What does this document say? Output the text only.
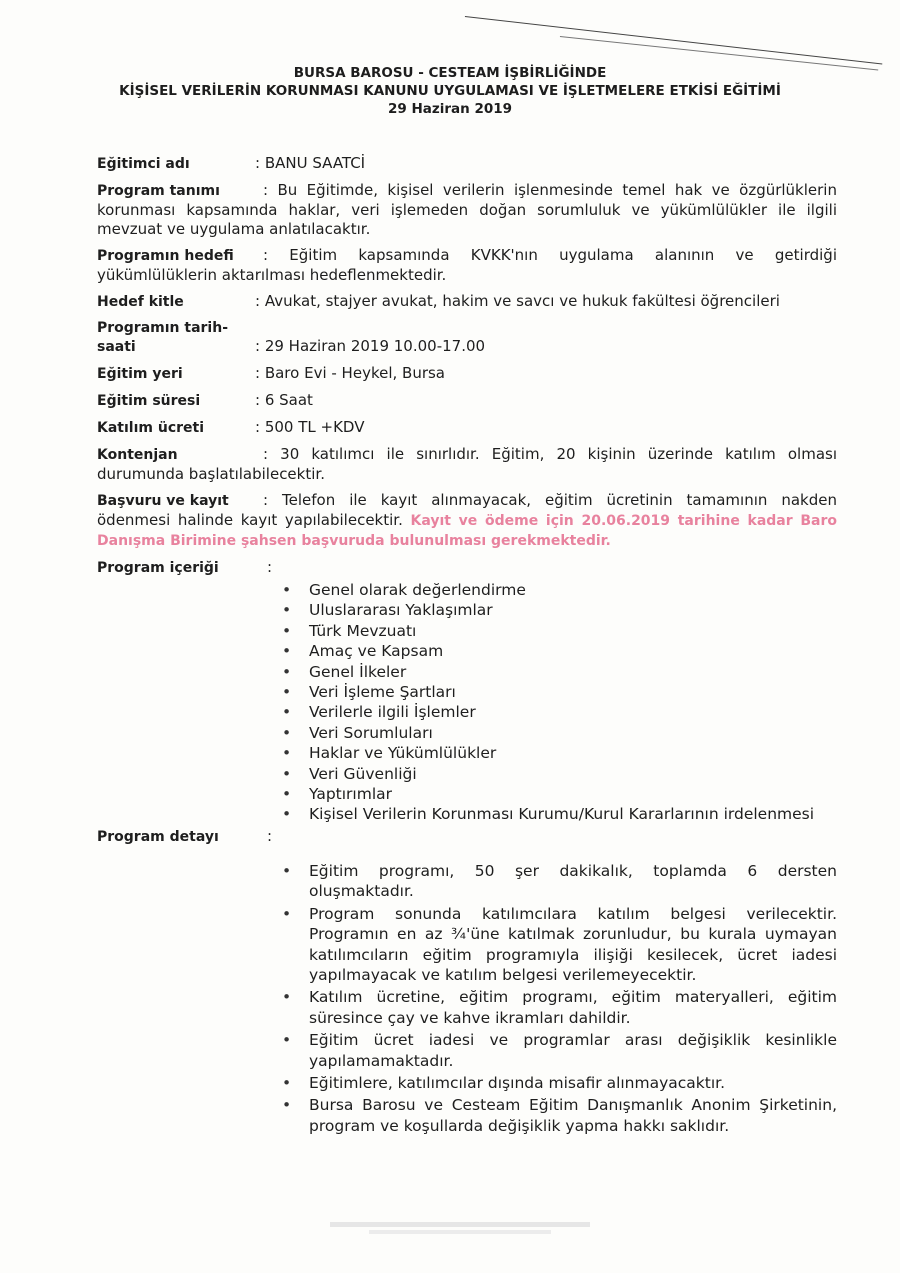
BURSA BAROSU - CESTEAM İŞBİRLİĞİNDE
KİŞİSEL VERİLERİN KORUNMASI KANUNU UYGULAMASI VE İŞLETMELERE ETKİSİ EĞİTİMİ
29 Haziran 2019
Eğitimci adı	: BANU SAATCİ
Program tanımı	: Bu Eğitimde, kişisel verilerin işlenmesinde temel hak ve özgürlüklerin korunması kapsamında haklar, veri işlemeden doğan sorumluluk ve yükümlülükler ile ilgili mevzuat ve uygulama anlatılacaktır.
Programın hedefi : Eğitim kapsamında KVKK'nın uygulama alanının ve getirdiği yükümlülüklerin aktarılması hedeflenmektedir.
Hedef kitle	: Avukat, stajyer avukat, hakim ve savcı ve hukuk fakültesi öğrencileri
Programın tarih-saati	: 29 Haziran 2019 10.00-17.00
Eğitim yeri	: Baro Evi - Heykel, Bursa
Eğitim süresi	: 6 Saat
Katılım ücreti	: 500 TL +KDV
Kontenjan	: 30 katılımcı ile sınırlıdır. Eğitim, 20 kişinin üzerinde katılım olması durumunda başlatılabilecektir.
Başvuru ve kayıt : Telefon ile kayıt alınmayacak, eğitim ücretinin tamamının nakden ödenmesi halinde kayıt yapılabilecektir. Kayıt ve ödeme için 20.06.2019 tarihine kadar Baro Danışma Birimine şahsen başvuruda bulunulması gerekmektedir.
Program içeriği	:
• Genel olarak değerlendirme
• Uluslararası Yaklaşımlar
• Türk Mevzuatı
• Amaç ve Kapsam
• Genel İlkeler
• Veri İşleme Şartları
• Verilerle ilgili İşlemler
• Veri Sorumluları
• Haklar ve Yükümlülükler
• Veri Güvenliği
• Yaptırımlar
• Kişisel Verilerin Korunması Kurumu/Kurul Kararlarının irdelenmesi
Program detayı	:
• Eğitim programı, 50 şer dakikalık, toplamda 6 dersten oluşmaktadır.
• Program sonunda katılımcılara katılım belgesi verilecektir. Programın en az ¾'üne katılmak zorunludur, bu kurala uymayan katılımcıların eğitim programıyla ilişiği kesilecek, ücret iadesi yapılmayacak ve katılım belgesi verilemeyecektir.
• Katılım ücretine, eğitim programı, eğitim materyalleri, eğitim süresince çay ve kahve ikramları dahildir.
• Eğitim ücret iadesi ve programlar arası değişiklik kesinlikle yapılamamaktadır.
• Eğitimlere, katılımcılar dışında misafir alınmayacaktır.
• Bursa Barosu ve Cesteam Eğitim Danışmanlık Anonim Şirketinin, program ve koşullarda değişiklik yapma hakkı saklıdır.
